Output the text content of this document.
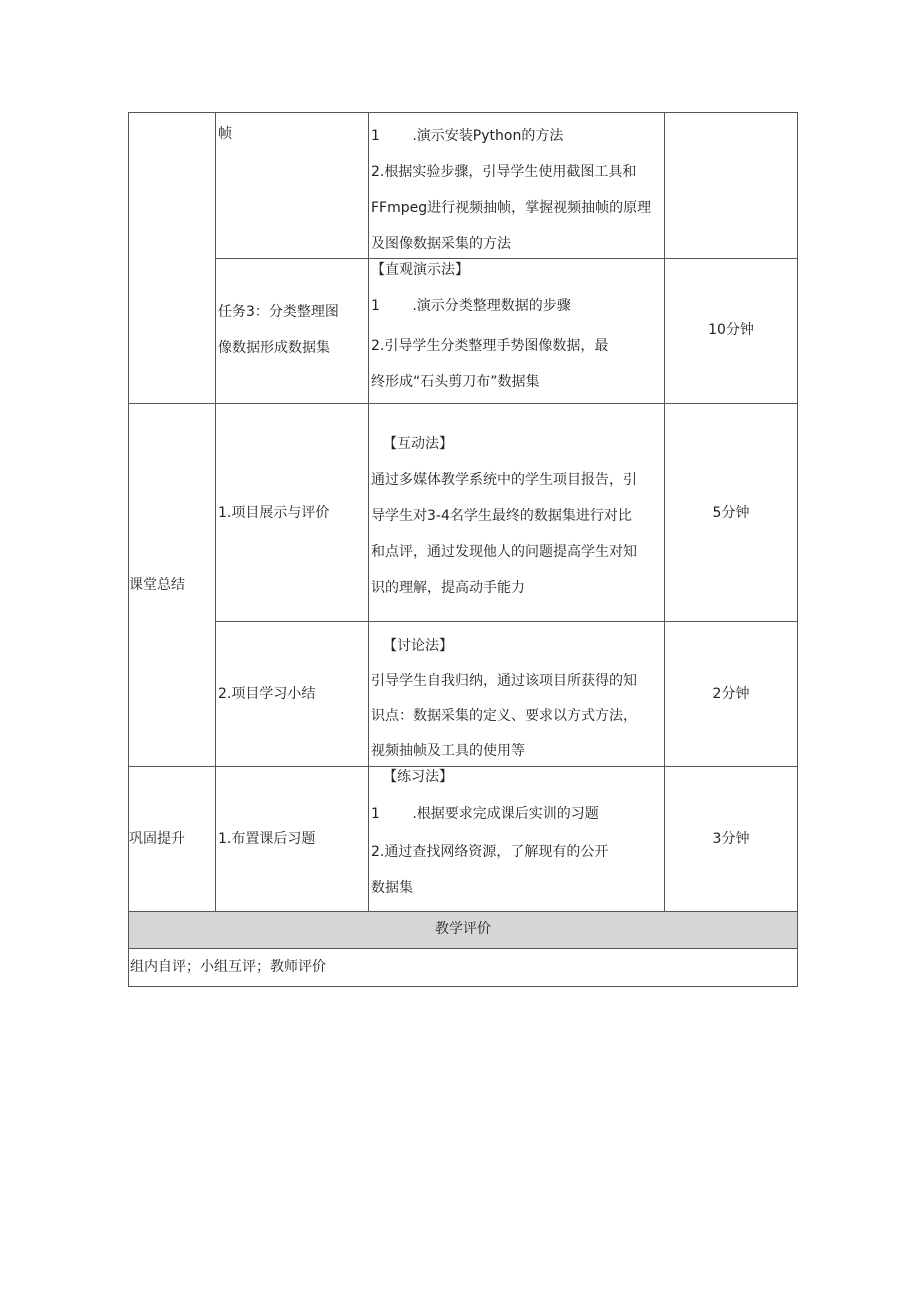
帧	1　　 .演示安装Python的方法
2.根据实验步骤，引导学生使用截图工具和
FFmpeg进行视频抽帧，掌握视频抽帧的原理
及图像数据采集的方法
任务3：分类整理图
像数据形成数据集
【直观演示法】
1　　 .演示分类整理数据的步骤
2.引导学生分类整理手势图像数据，最
终形成“石头剪刀布”数据集
10分钟
课堂总结
1.项目展示与评价
【互动法】
通过多媒体教学系统中的学生项目报告，引
导学生对3-4名学生最终的数据集进行对比
和点评，通过发现他人的问题提高学生对知
识的理解，提高动手能力
5分钟
2.项目学习小结
【讨论法】
引导学生自我归纳，通过该项目所获得的知
识点：数据采集的定义、要求以方式方法，
视频抽帧及工具的使用等
2分钟
巩固提升 1.布置课后习题
【练习法】
1　　 .根据要求完成课后实训的习题
2.通过查找网络资源，了解现有的公开
数据集
3分钟
教学评价
组内自评；小组互评；教师评价
